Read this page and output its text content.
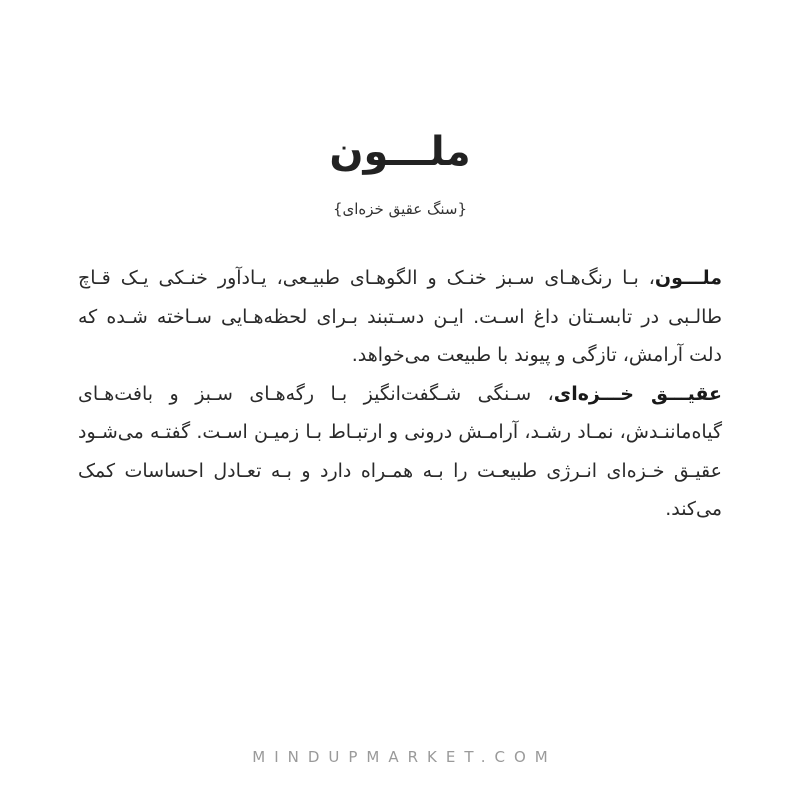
ملـــون
{سنگ عقیق خزه‌ای}

ملـــون، بـا رنگ‌هـای سـبز خنـک و الگوهـای طبیـعی، یـادآور خنـکی یـک قـاچ طالـبی در تابسـتان داغ اسـت. ایـن دسـتبند بـرای لحظه‌هـایی سـاخته شـده که دلت آرامش، تازگی و پیوند با طبیعت می‌خواهد.

عقیـــق خـــزه‌ای، سـنگی شـگفت‌انگیز بـا رگه‌هـای سـبز و بافت‌هـای گیاه‌ماننـدش، نمـاد رشـد، آرامـش درونی و ارتبـاط بـا زمیـن اسـت. گفتـه می‌شـود عقیـق خـزه‌ای انـرژی طبیعـت را بـه همـراه دارد و بـه تعـادل احساسات کمک می‌کند.

MINDUPMARKET.COM
